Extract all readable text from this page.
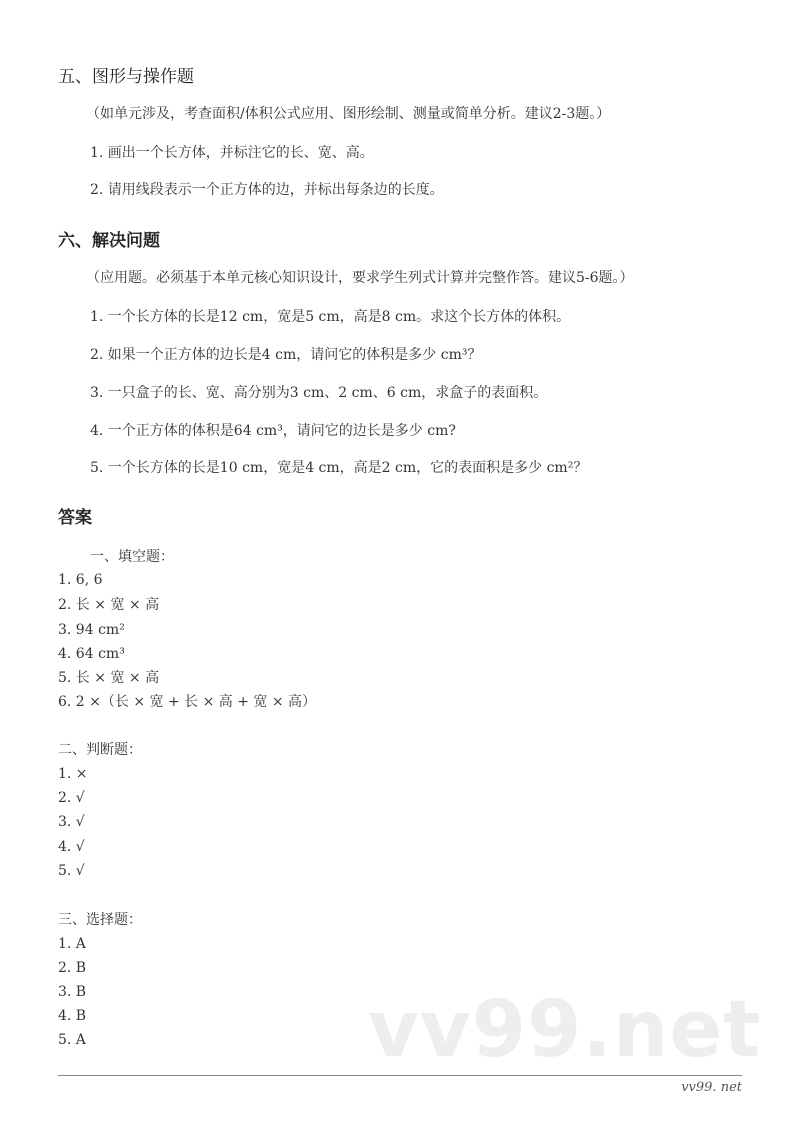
五、图形与操作题
（如单元涉及，考查面积/体积公式应用、图形绘制、测量或简单分析。建议2-3题。）
1. 画出一个长方体，并标注它的长、宽、高。
2. 请用线段表示一个正方体的边，并标出每条边的长度。
六、解决问题
（应用题。必须基于本单元核心知识设计，要求学生列式计算并完整作答。建议5-6题。）
1. 一个长方体的长是12 cm，宽是5 cm，高是8 cm。求这个长方体的体积。
2. 如果一个正方体的边长是4 cm，请问它的体积是多少 cm³？
3. 一只盒子的长、宽、高分别为3 cm、2 cm、6 cm，求盒子的表面积。
4. 一个正方体的体积是64 cm³，请问它的边长是多少 cm?
5. 一个长方体的长是10 cm，宽是4 cm，高是2 cm，它的表面积是多少 cm²？
答案
一、填空题：
1. 6, 6
2. 长 × 宽 × 高
3. 94 cm²
4. 64 cm³
5. 长 × 宽 × 高
6. 2 ×（长 × 宽 + 长 × 高 + 宽 × 高）
二、判断题：
1. ×
2. √
3. √
4. √
5. √
三、选择题：
1. A
2. B
3. B
4. B
5. A	vv99.net
vv99. net
